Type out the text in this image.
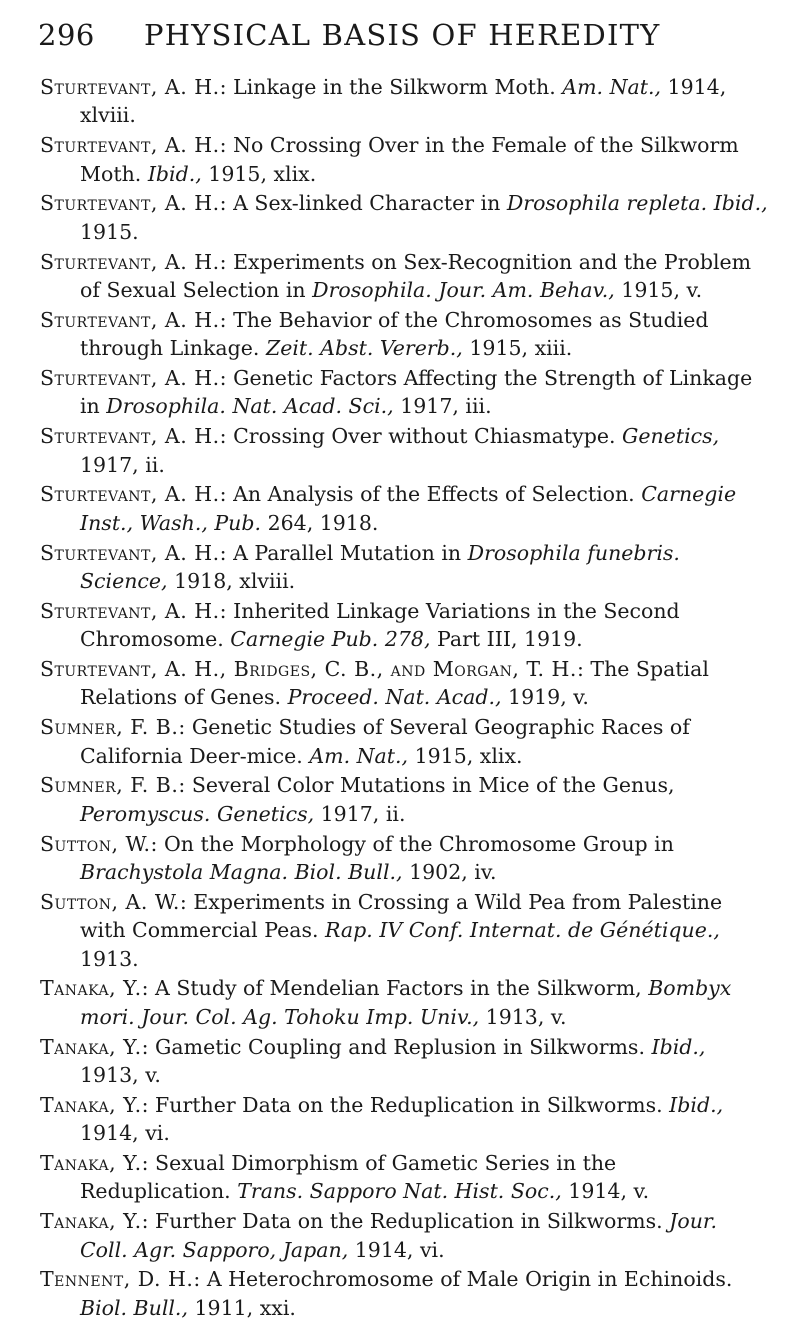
296 PHYSICAL BASIS OF HEREDITY

Sturtevant, A. H.: Linkage in the Silkworm Moth. Am. Nat., 1914, xlviii.

Sturtevant, A. H.: No Crossing Over in the Female of the Silkworm Moth. Ibid., 1915, xlix.

Sturtevant, A. H.: A Sex-linked Character in Drosophila repleta. Ibid., 1915.

Sturtevant, A. H.: Experiments on Sex-Recognition and the Problem of Sexual Selection in Drosophila. Jour. Am. Behav., 1915, v.

Sturtevant, A. H.: The Behavior of the Chromosomes as Studied through Linkage. Zeit. Abst. Vererb., 1915, xiii.

Sturtevant, A. H.: Genetic Factors Affecting the Strength of Linkage in Drosophila. Nat. Acad. Sci., 1917, iii.

Sturtevant, A. H.: Crossing Over without Chiasmatype. Genetics, 1917, ii.

Sturtevant, A. H.: An Analysis of the Effects of Selection. Carnegie Inst., Wash., Pub. 264, 1918.

Sturtevant, A. H.: A Parallel Mutation in Drosophila funebris. Science, 1918, xlviii.

Sturtevant, A. H.: Inherited Linkage Variations in the Second Chromosome. Carnegie Pub. 278, Part III, 1919.

Sturtevant, A. H., Bridges, C. B., and Morgan, T. H.: The Spatial Relations of Genes. Proceed. Nat. Acad., 1919, v.

Sumner, F. B.: Genetic Studies of Several Geographic Races of California Deer-mice. Am. Nat., 1915, xlix.

Sumner, F. B.: Several Color Mutations in Mice of the Genus, Peromyscus. Genetics, 1917, ii.

Sutton, W.: On the Morphology of the Chromosome Group in Brachystola Magna. Biol. Bull., 1902, iv.

Sutton, A. W.: Experiments in Crossing a Wild Pea from Palestine with Commercial Peas. Rap. IV Conf. Internat. de Génétique., 1913.

Tanaka, Y.: A Study of Mendelian Factors in the Silkworm, Bombyx mori. Jour. Col. Ag. Tohoku Imp. Univ., 1913, v.

Tanaka, Y.: Gametic Coupling and Replusion in Silkworms. Ibid., 1913, v.

Tanaka, Y.: Further Data on the Reduplication in Silkworms. Ibid., 1914, vi.

Tanaka, Y.: Sexual Dimorphism of Gametic Series in the Reduplication. Trans. Sapporo Nat. Hist. Soc., 1914, v.

Tanaka, Y.: Further Data on the Reduplication in Silkworms. Jour. Coll. Agr. Sapporo, Japan, 1914, vi.

Tennent, D. H.: A Heterochromosome of Male Origin in Echinoids. Biol. Bull., 1911, xxi.
